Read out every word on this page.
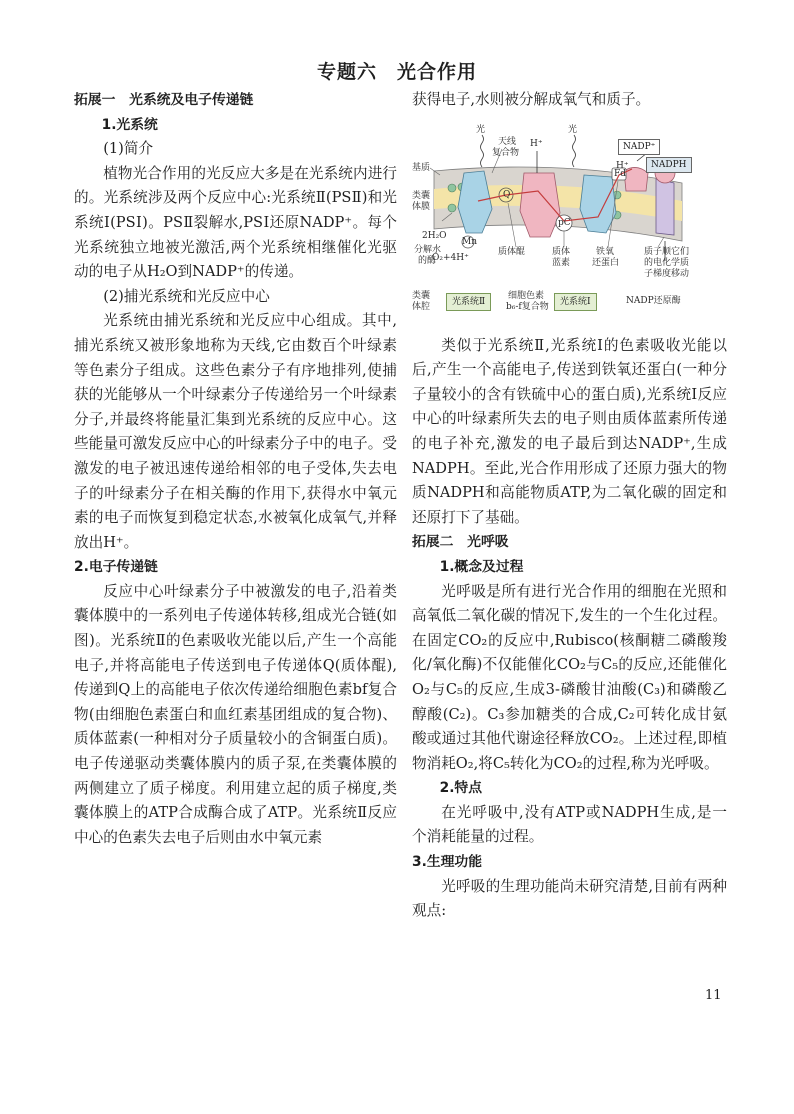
专题六　光合作用

拓展一　光系统及电子传递链

1.光系统

(1)简介

植物光合作用的光反应大多是在光系统内进行的。光系统涉及两个反应中心:光系统Ⅱ(PSⅡ)和光系统Ⅰ(PSⅠ)。PSⅡ裂解水,PSⅠ还原NADP⁺。每个光系统独立地被光激活,两个光系统相继催化光驱动的电子从H₂O到NADP⁺的传递。

(2)捕光系统和光反应中心

光系统由捕光系统和光反应中心组成。其中,捕光系统又被形象地称为天线,它由数百个叶绿素等色素分子组成。这些色素分子有序地排列,使捕获的光能够从一个叶绿素分子传递给另一个叶绿素分子,并最终将能量汇集到光系统的反应中心。这些能量可激发反应中心的叶绿素分子中的电子。受激发的电子被迅速传递给相邻的电子受体,失去电子的叶绿素分子在相关酶的作用下,获得水中氧元素的电子而恢复到稳定状态,水被氧化成氧气,并释放出H⁺。

2.电子传递链

反应中心叶绿素分子中被激发的电子,沿着类囊体膜中的一系列电子传递体转移,组成光合链(如图)。光系统Ⅱ的色素吸收光能以后,产生一个高能电子,并将高能电子传送到电子传递体Q(质体醌),传递到Q上的高能电子依次传递给细胞色素bf复合物(由细胞色素蛋白和血红素基团组成的复合物)、质体蓝素(一种相对分子质量较小的含铜蛋白质)。电子传递驱动类囊体膜内的质子泵,在类囊体膜的两侧建立了质子梯度。利用建立起的质子梯度,类囊体膜上的ATP合成酶合成了ATP。光系统Ⅱ反应中心的色素失去电子后则由水中氧元素

获得电子,水则被分解成氧气和质子。

光
天线
复合物
H⁺
光
NADP⁺
H⁺	NADPH
基质
类囊
体膜
2H₂O
Mn
Q
pC
Fd
O₂+4H⁺
分解水
的酶
质体醌	质体
蓝素
铁氧
还蛋白
质子顺它们
的电化学质
子梯度移动
类囊
体腔	光系统Ⅱ
细胞色素
b₆-f复合物	光系统Ⅰ	NADP还原酶

类似于光系统Ⅱ,光系统Ⅰ的色素吸收光能以后,产生一个高能电子,传送到铁氧还蛋白(一种分子量较小的含有铁硫中心的蛋白质),光系统Ⅰ反应中心的叶绿素所失去的电子则由质体蓝素所传递的电子补充,激发的电子最后到达NADP⁺,生成NADPH。至此,光合作用形成了还原力强大的物质NADPH和高能物质ATP,为二氧化碳的固定和还原打下了基础。

拓展二　光呼吸

1.概念及过程

光呼吸是所有进行光合作用的细胞在光照和高氧低二氧化碳的情况下,发生的一个生化过程。在固定CO₂的反应中,Rubisco(核酮糖二磷酸羧化/氧化酶)不仅能催化CO₂与C₅的反应,还能催化O₂与C₅的反应,生成3-磷酸甘油酸(C₃)和磷酸乙醇酸(C₂)。C₃参加糖类的合成,C₂可转化成甘氨酸或通过其他代谢途径释放CO₂。上述过程,即植物消耗O₂,将C₅转化为CO₂的过程,称为光呼吸。

2.特点

在光呼吸中,没有ATP或NADPH生成,是一个消耗能量的过程。

3.生理功能

光呼吸的生理功能尚未研究清楚,目前有两种观点:

11
